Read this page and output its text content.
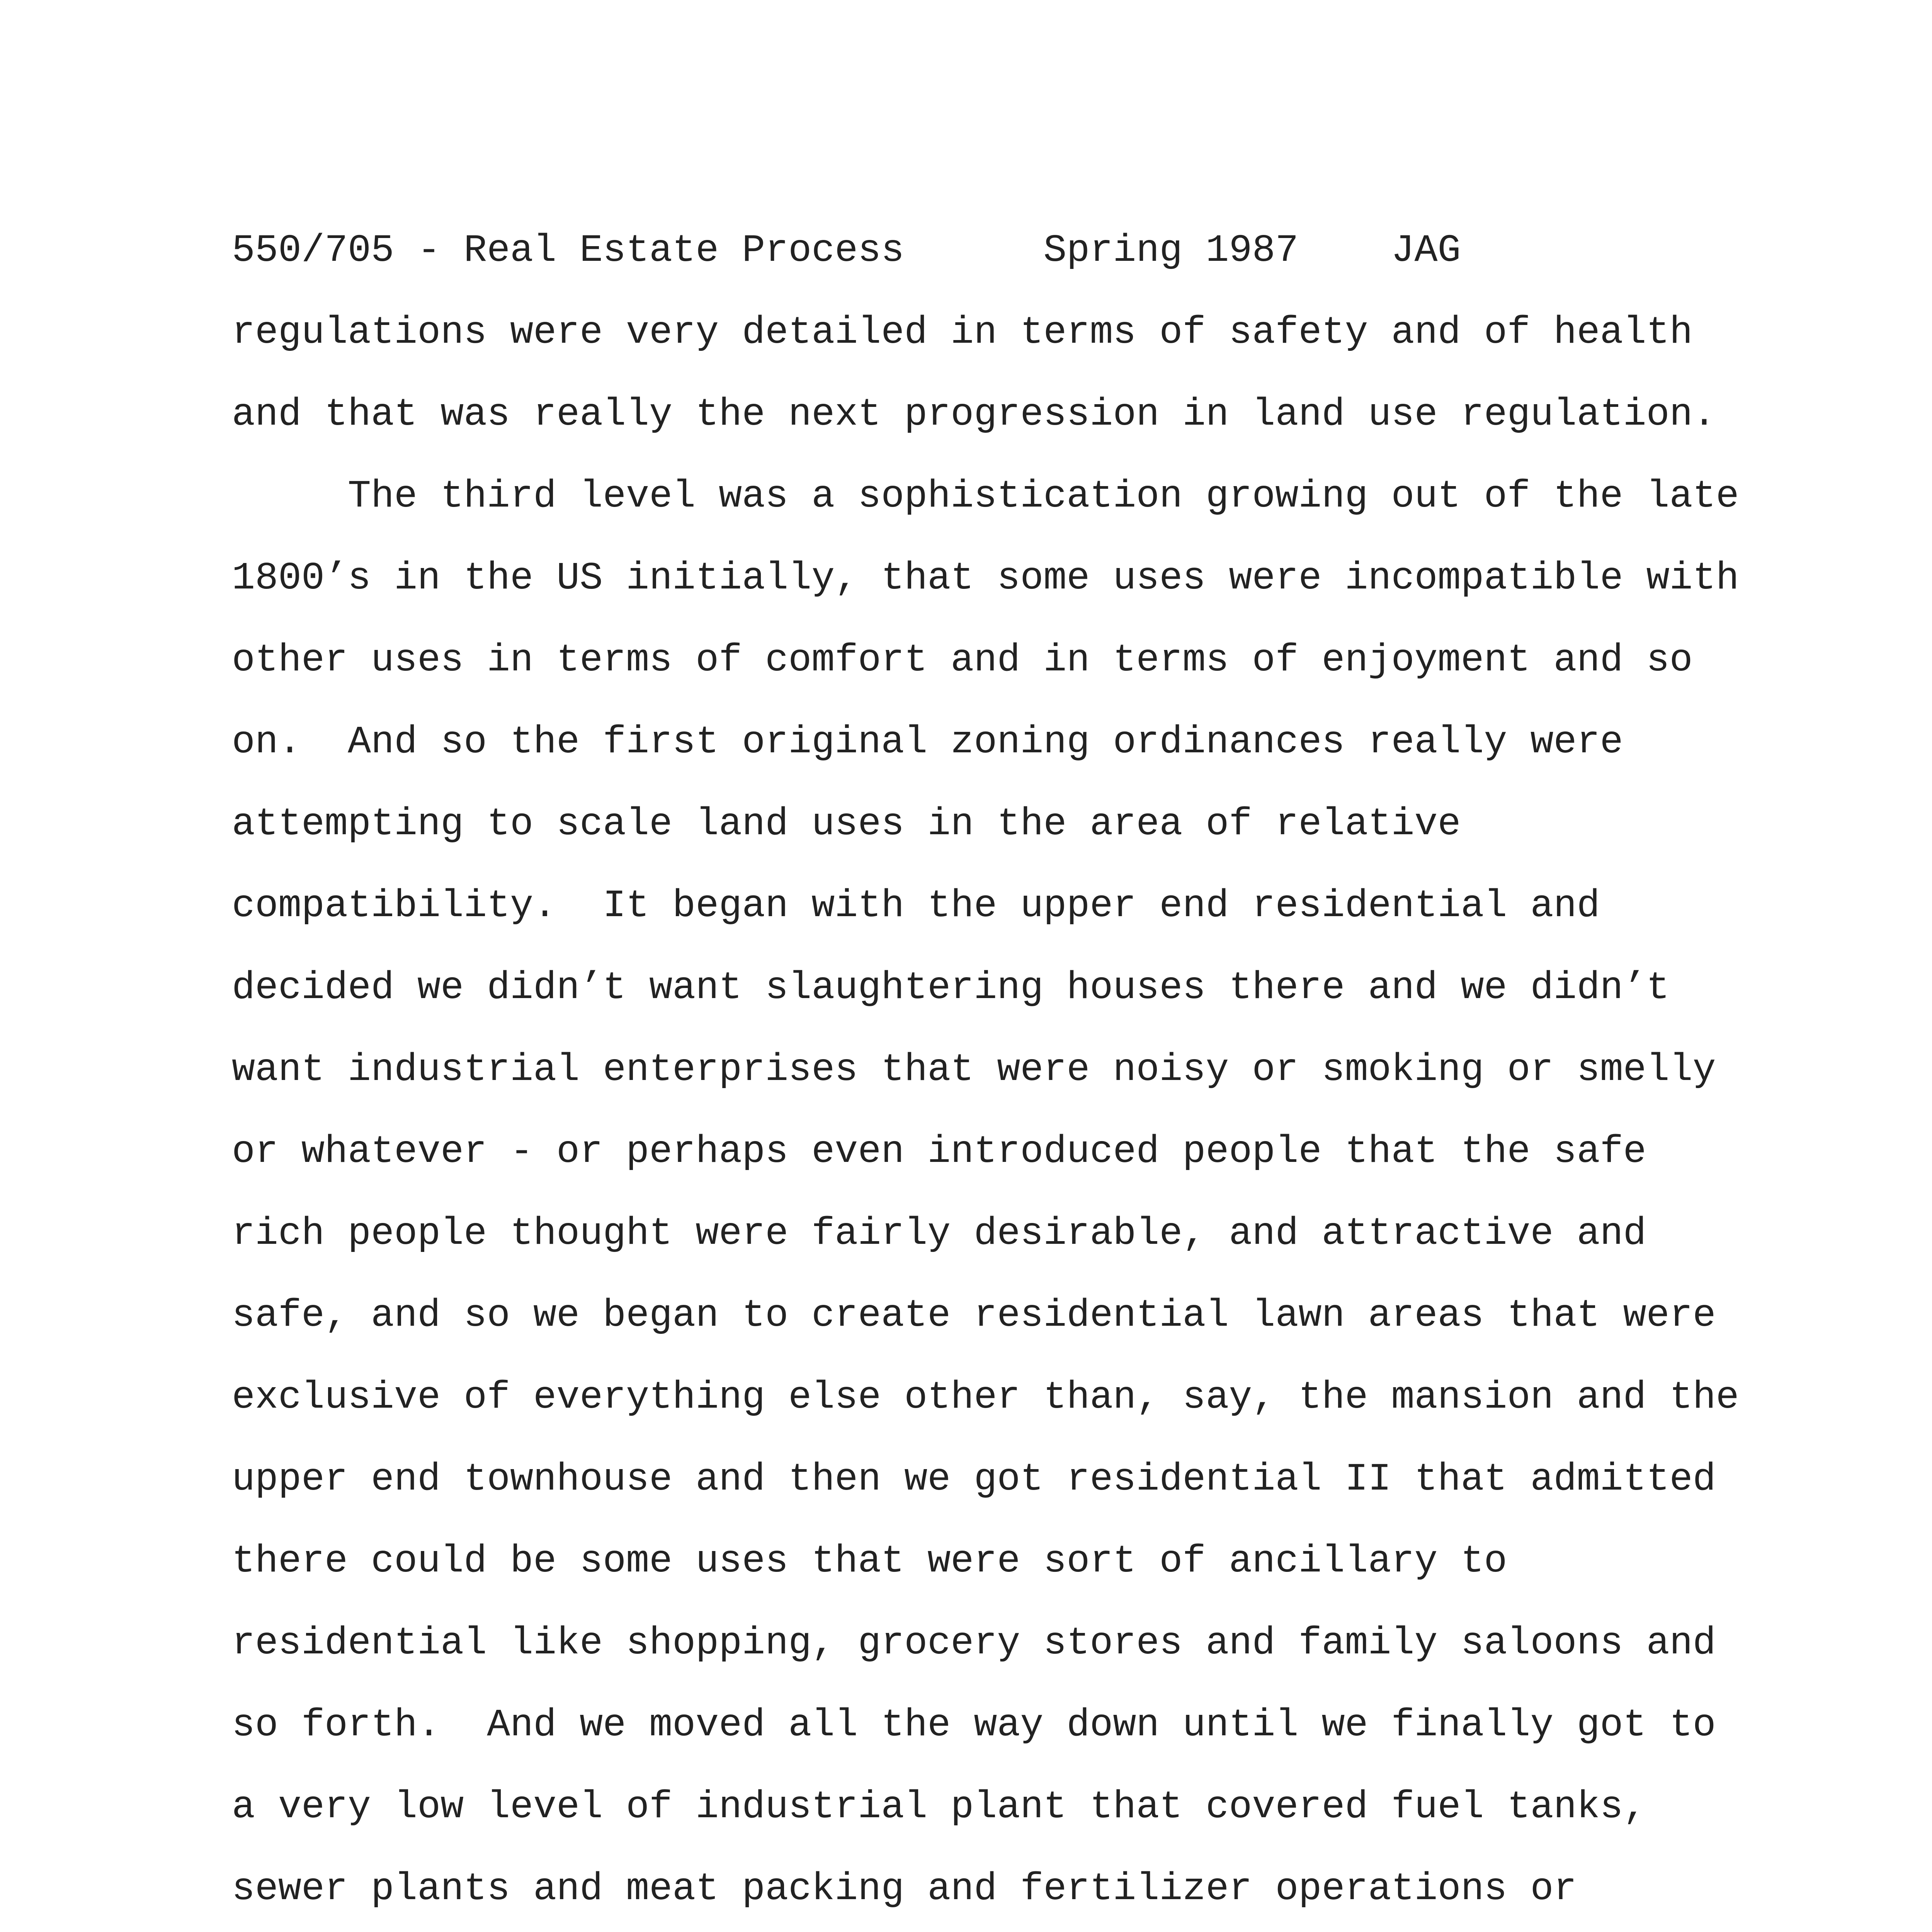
550/705 - Real Estate Process	Spring 1987 JAG
regulations were very detailed in terms of safety and of health
and that was really the next progression in land use regulation.
The third level was a sophistication growing out of the late
1800’s in the US initially, that some uses were incompatible with
other uses in terms of comfort and in terms of enjoyment and so
on.  And so the first original zoning ordinances really were
attempting to scale land uses in the area of relative
compatibility.  It began with the upper end residential and
decided we didn’t want slaughtering houses there and we didn’t
want industrial enterprises that were noisy or smoking or smelly
or whatever - or perhaps even introduced people that the safe
rich people thought were fairly desirable, and attractive and
safe, and so we began to create residential lawn areas that were
exclusive of everything else other than, say, the mansion and the
upper end townhouse and then we got residential II that admitted
there could be some uses that were sort of ancillary to
residential like shopping, grocery stores and family saloons and
so forth.  And we moved all the way down until we finally got to
a very low level of industrial plant that covered fuel tanks,
sewer plants and meat packing and fertilizer operations or
